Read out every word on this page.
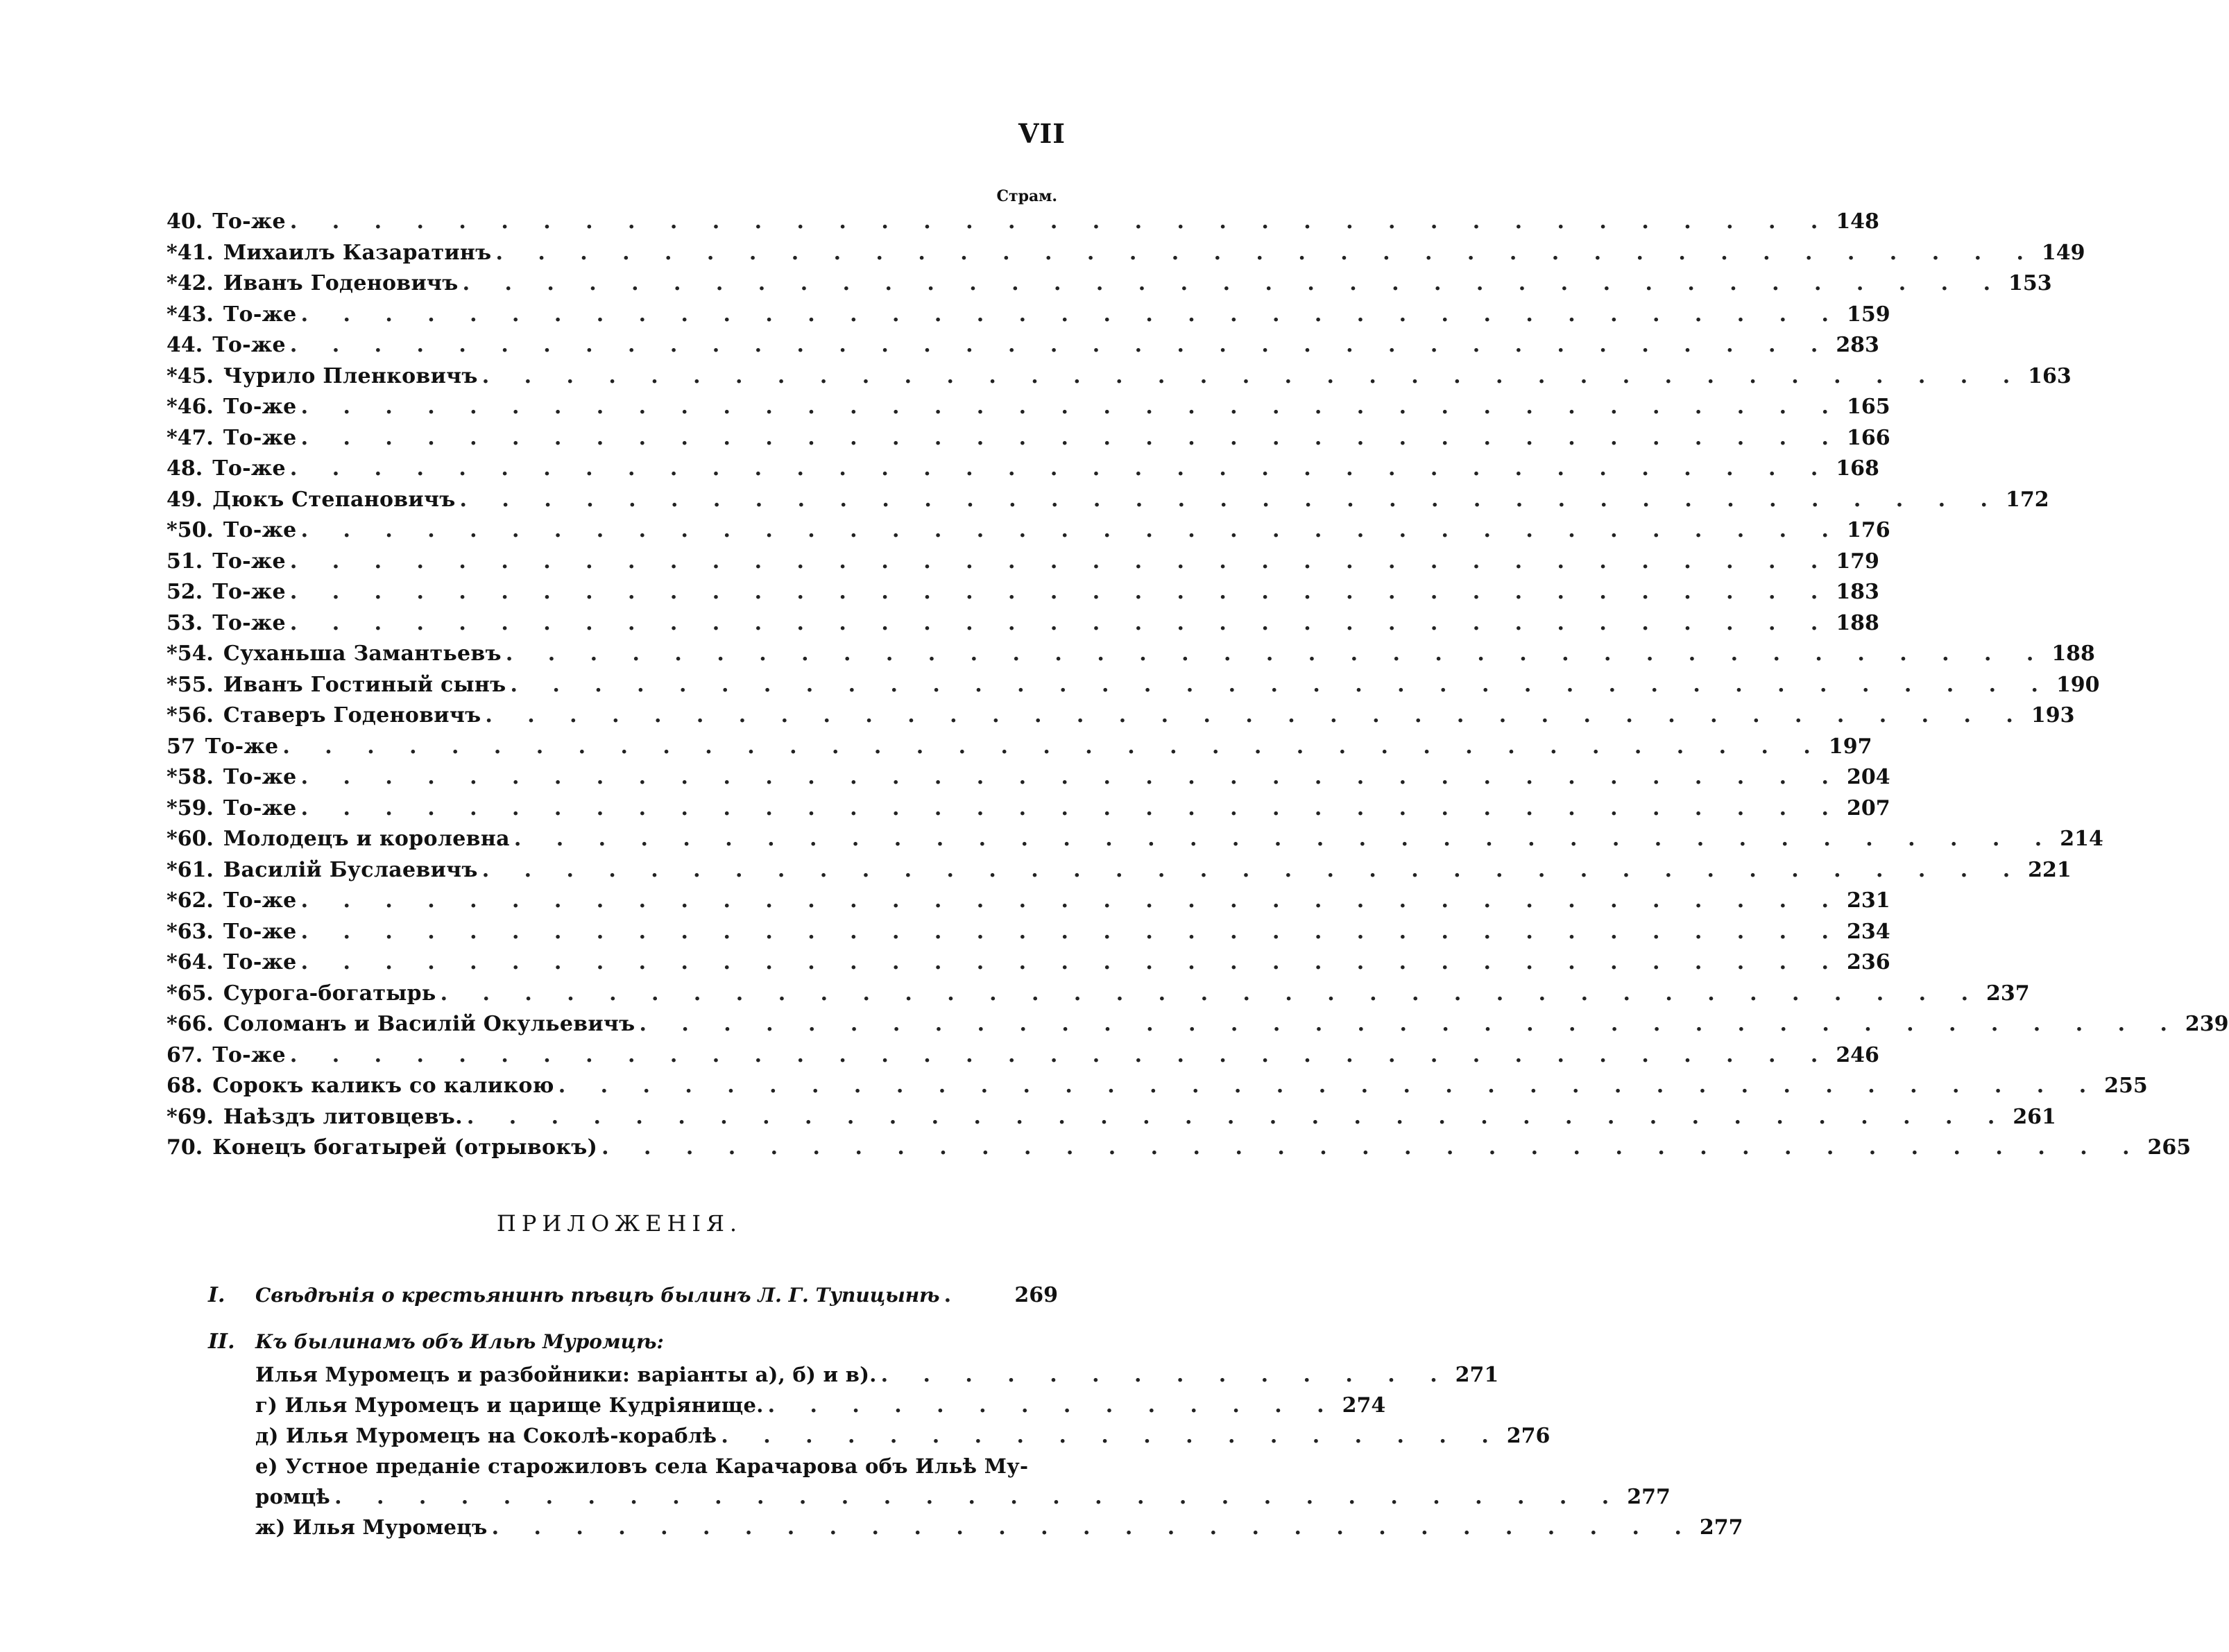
VII
Страм.
40. То-же . . . . . . . . . . . . . . . . . . . . . . . . . . . . . . . . . . . . . 148
*41. Михаилъ Казаратинъ . . . . . . . . . . . . . . . . . . . . . . . . . . . . . . . . . . . . . 149
*42. Иванъ Годеновичъ . . . . . . . . . . . . . . . . . . . . . . . . . . . . . . . . . . . . . 153
*43. То-же . . . . . . . . . . . . . . . . . . . . . . . . . . . . . . . . . . . . . 159
44. То-же . . . . . . . . . . . . . . . . . . . . . . . . . . . . . . . . . . . . . 283
*45. Чурило Пленковичъ . . . . . . . . . . . . . . . . . . . . . . . . . . . . . . . . . . . . . 163
*46. То-же . . . . . . . . . . . . . . . . . . . . . . . . . . . . . . . . . . . . . 165
*47. То-же . . . . . . . . . . . . . . . . . . . . . . . . . . . . . . . . . . . . . 166
48. То-же . . . . . . . . . . . . . . . . . . . . . . . . . . . . . . . . . . . . . 168
49. Дюкъ Степановичъ . . . . . . . . . . . . . . . . . . . . . . . . . . . . . . . . . . . . . 172
*50. То-же . . . . . . . . . . . . . . . . . . . . . . . . . . . . . . . . . . . . . 176
51. То-же . . . . . . . . . . . . . . . . . . . . . . . . . . . . . . . . . . . . . 179
52. То-же . . . . . . . . . . . . . . . . . . . . . . . . . . . . . . . . . . . . . 183
53. То-же . . . . . . . . . . . . . . . . . . . . . . . . . . . . . . . . . . . . . 188
*54. Суханьша Замантьевъ . . . . . . . . . . . . . . . . . . . . . . . . . . . . . . . . . . . . . 188
*55. Иванъ Гостиный сынъ . . . . . . . . . . . . . . . . . . . . . . . . . . . . . . . . . . . . . 190
*56. Ставеръ Годеновичъ . . . . . . . . . . . . . . . . . . . . . . . . . . . . . . . . . . . . . 193
57 То-же . . . . . . . . . . . . . . . . . . . . . . . . . . . . . . . . . . . . . 197
*58. То-же . . . . . . . . . . . . . . . . . . . . . . . . . . . . . . . . . . . . . 204
*59. То-же . . . . . . . . . . . . . . . . . . . . . . . . . . . . . . . . . . . . . 207
*60. Молодецъ и королевна . . . . . . . . . . . . . . . . . . . . . . . . . . . . . . . . . . . . . 214
*61. Василій Буслаевичъ . . . . . . . . . . . . . . . . . . . . . . . . . . . . . . . . . . . . . 221
*62. То-же . . . . . . . . . . . . . . . . . . . . . . . . . . . . . . . . . . . . . 231
*63. То-же . . . . . . . . . . . . . . . . . . . . . . . . . . . . . . . . . . . . . 234
*64. То-же . . . . . . . . . . . . . . . . . . . . . . . . . . . . . . . . . . . . . 236
*65. Сурога-богатырь . . . . . . . . . . . . . . . . . . . . . . . . . . . . . . . . . . . . . 237
*66. Соломанъ и Василій Окульевичъ . . . . . . . . . . . . . . . . . . . . . . . . . . . . . . . . . . . . . 239
67. То-же . . . . . . . . . . . . . . . . . . . . . . . . . . . . . . . . . . . . . 246
68. Сорокъ каликъ со каликою . . . . . . . . . . . . . . . . . . . . . . . . . . . . . . . . . . . . . 255
*69. Наѣздъ литовцевъ. . . . . . . . . . . . . . . . . . . . . . . . . . . . . . . . . . . . . . 261
70. Конецъ богатырей (отрывокъ) . . . . . . . . . . . . . . . . . . . . . . . . . . . . . . . . . . . . . 265
ПРИЛОЖЕНІЯ.
I.	Свѣдѣнія о крестьянинѣ пѣвцѣ былинъ Л. Г. Тупицынѣ .	269
II.	Къ былинамъ объ Ильѣ Муромцѣ:
Илья Муромецъ и разбойники: варіанты а), б) и в). . . . . . . . . . . . . . . 271
г) Илья Муромецъ и царище Кудріянище. . . . . . . . . . . . . . . 274
д) Илья Муромецъ на Соколѣ-кораблѣ . . . . . . . . . . . . . . . . . . . 276
е) Устное преданіе старожиловъ села Карачарова объ Ильѣ Му-
ромцѣ . . . . . . . . . . . . . . . . . . . . . . . . . . . . . . . 277
ж) Илья Муромецъ . . . . . . . . . . . . . . . . . . . . . . . . . . . . . 277
